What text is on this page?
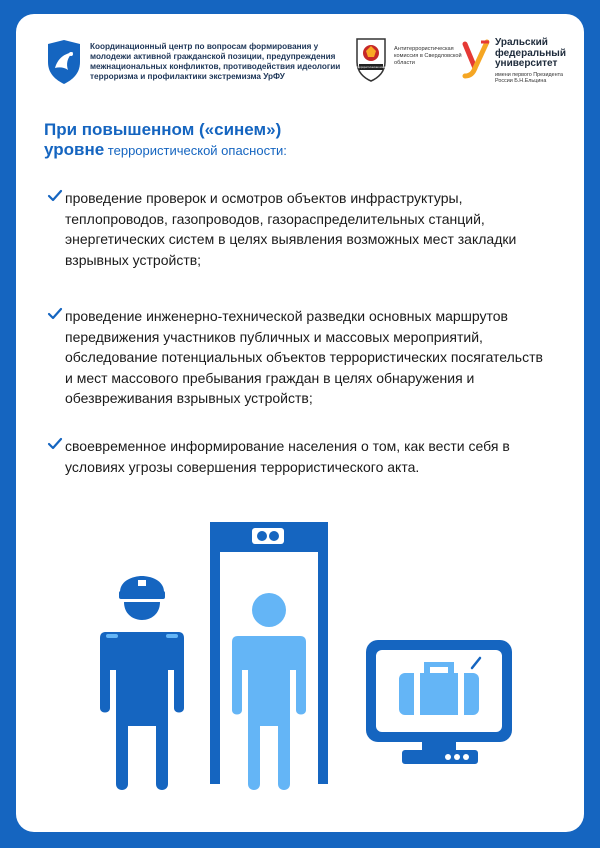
Координационный центр по вопросам формирования у молодежи активной гражданской позиции, предупреждения межнациональных конфликтов, противодействия идеологии терроризма и профилактики экстремизма УрФУ
антитеррористическая комиссия
Антитеррористическая комиссия в Свердловской области
Уральский федеральный университет
имени первого Президента России Б.Н.Ельцина
При повышенном («синем»)
уровне террористической опасности:
проведение проверок и осмотров объектов инфраструктуры, теплопроводов, газопроводов, газораспределительных станций, энергетических систем в целях выявления возможных мест закладки взрывных устройств;
проведение инженерно-технической разведки основных маршрутов передвижения участников публичных и массовых мероприятий, обследование потенциальных объектов террористических посягательств и мест массового пребывания граждан в целях обнаружения и обезвреживания взрывных устройств;
своевременное информирование населения о том, как вести себя в условиях угрозы совершения террористического акта.
